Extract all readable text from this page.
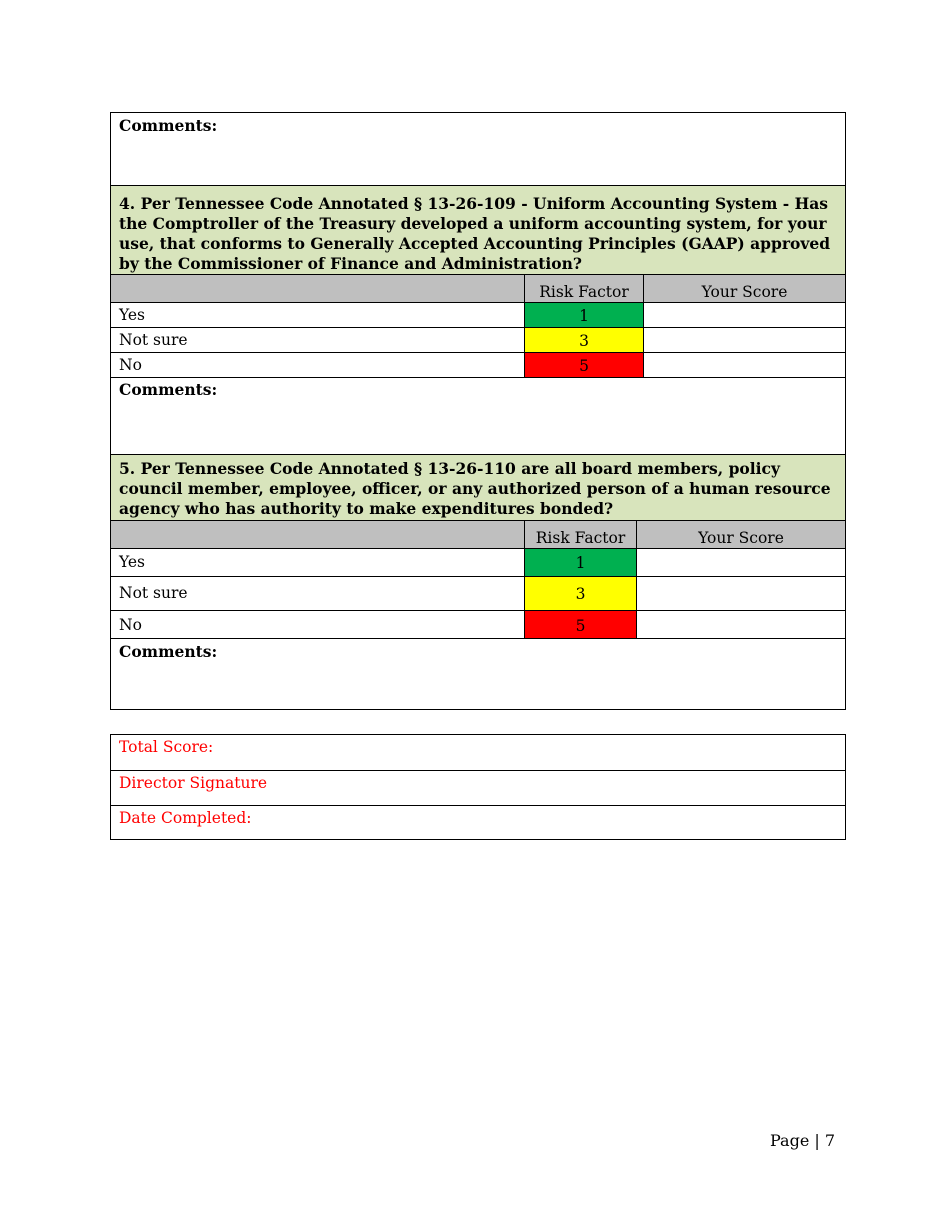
Comments:
4. Per Tennessee Code Annotated § 13-26-109 - Uniform Accounting System - Has the Comptroller of the Treasury developed a uniform accounting system, for your use, that conforms to Generally Accepted Accounting Principles (GAAP) approved by the Commissioner of Finance and Administration?
Risk Factor	Your Score
Yes	1
Not sure	3
No	5
Comments:
5. Per Tennessee Code Annotated § 13-26-110 are all board members, policy council member, employee, officer, or any authorized person of a human resource agency who has authority to make expenditures bonded?
Risk Factor	Your Score
Yes	1
Not sure	3
No	5
Comments:
Total Score:
Director Signature
Date Completed:
Page | 7
